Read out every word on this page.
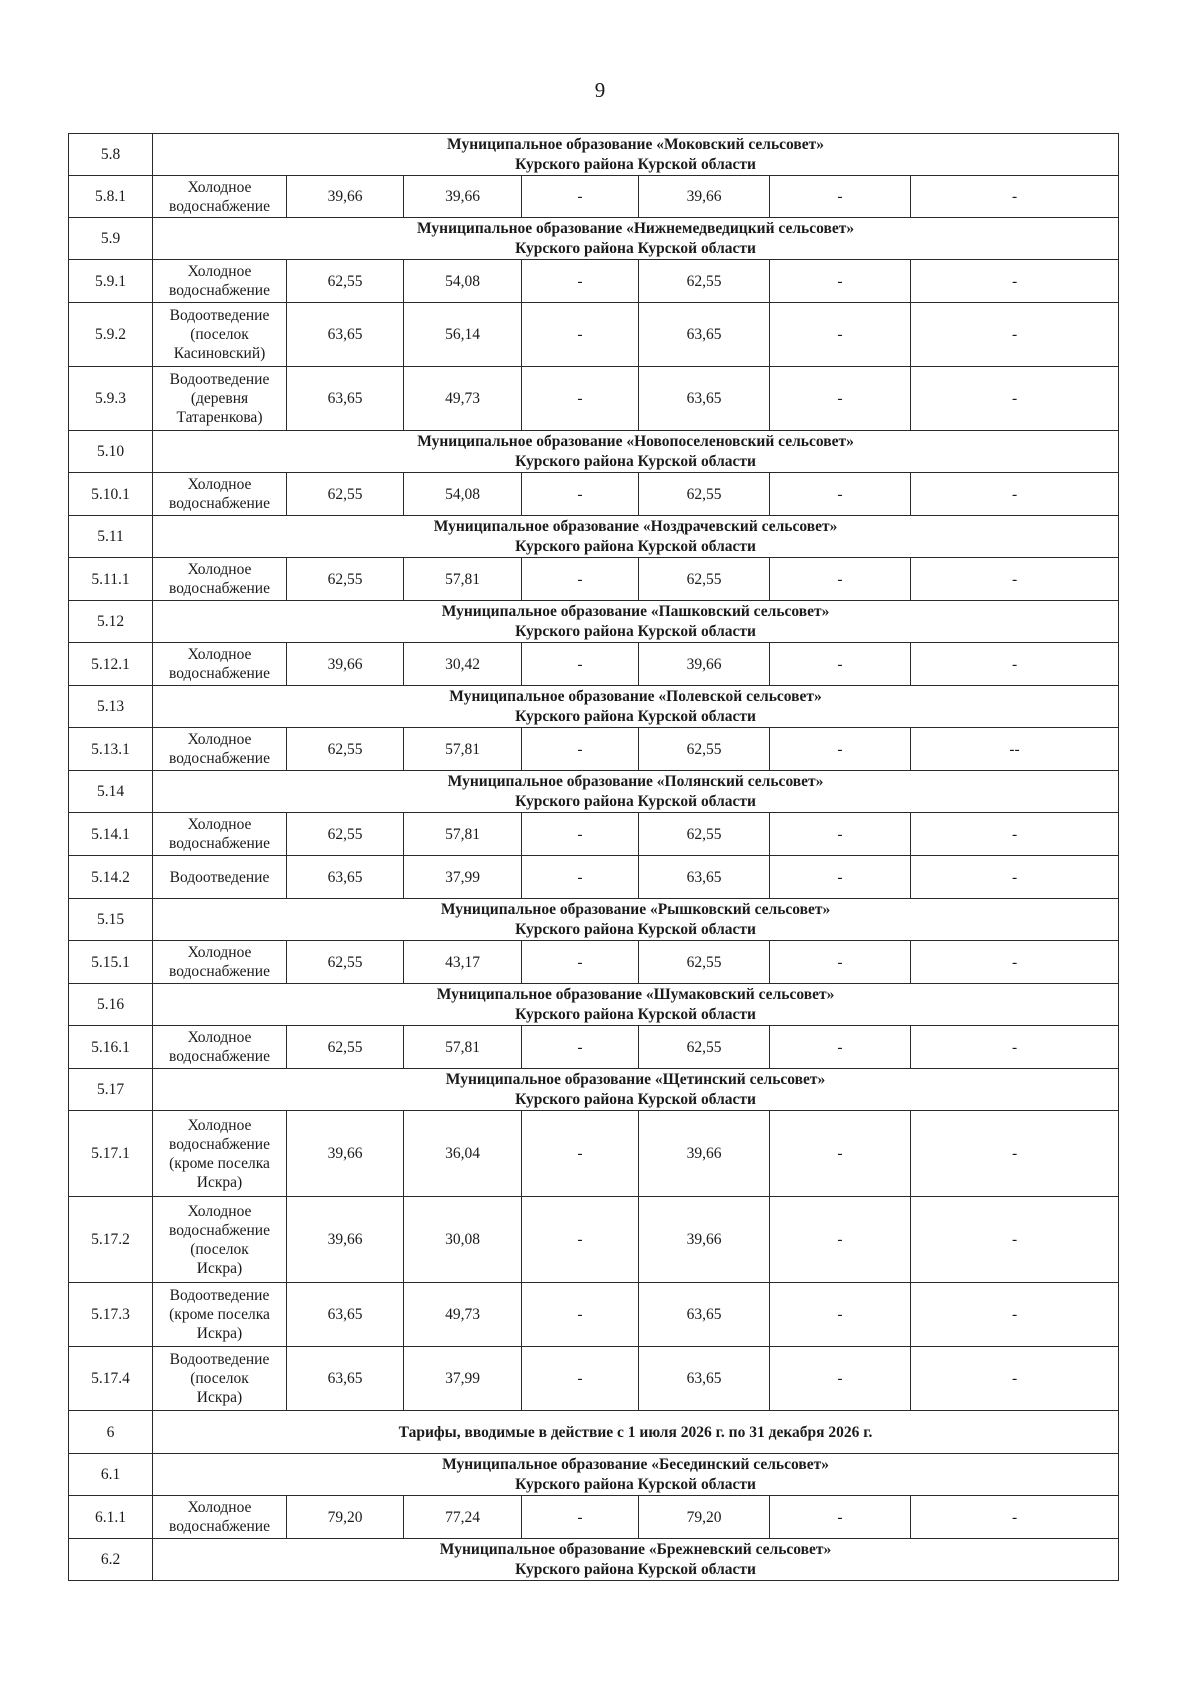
9
5.8	Муниципальное образование «Моковский сельсовет»
Курского района Курской области						

5.8.1	Холодное
водоснабжение	39,66	39,66	-	39,66	-	-
5.9	Муниципальное образование «Нижнемедведицкий сельсовет»
Курского района Курской области						

5.9.1	Холодное
водоснабжение	62,55	54,08	-	62,55	-	-
5.9.2	Водоотведение
(поселок
Касиновский)	63,65	56,14	-	63,65	-	-
5.9.3	Водоотведение
(деревня
Татаренкова)	63,65	49,73	-	63,65	-	-
5.10	Муниципальное образование «Новопоселеновский сельсовет»
Курского района Курской области						

5.10.1	Холодное
водоснабжение	62,55	54,08	-	62,55	-	-
5.11	Муниципальное образование «Ноздрачевский сельсовет»
Курского района Курской области						

5.11.1	Холодное
водоснабжение	62,55	57,81	-	62,55	-	-
5.12	Муниципальное образование «Пашковский сельсовет»
Курского района Курской области						

5.12.1	Холодное
водоснабжение	39,66	30,42	-	39,66	-	-
5.13	Муниципальное образование «Полевской сельсовет»
Курского района Курской области						

5.13.1	Холодное
водоснабжение	62,55	57,81	-	62,55	-	--
5.14	Муниципальное образование «Полянский сельсовет»
Курского района Курской области						

5.14.1	Холодное
водоснабжение	62,55	57,81	-	62,55	-	-
5.14.2	Водоотведение	63,65	37,99	-	63,65	-	-
5.15	Муниципальное образование «Рышковский сельсовет»
Курского района Курской области						

5.15.1	Холодное
водоснабжение	62,55	43,17	-	62,55	-	-
5.16	Муниципальное образование «Шумаковский сельсовет»
Курского района Курской области						

5.16.1	Холодное
водоснабжение	62,55	57,81	-	62,55	-	-
5.17	Муниципальное образование «Щетинский сельсовет»
Курского района Курской области						

5.17.1	Холодное
водоснабжение
(кроме поселка
Искра)	39,66	36,04	-	39,66	-	-
5.17.2	Холодное
водоснабжение
(поселок
Искра)	39,66	30,08	-	39,66	-	-
5.17.3	Водоотведение
(кроме поселка
Искра)	63,65	49,73	-	63,65	-	-
5.17.4	Водоотведение
(поселок
Искра)	63,65	37,99	-	63,65	-	-
6	Тарифы, вводимые в действие с 1 июля 2026 г. по 31 декабря 2026 г.						
6.1	Муниципальное образование «Бесединский сельсовет»
Курского района Курской области						

6.1.1	Холодное
водоснабжение	79,20	77,24	-	79,20	-	-
6.2	Муниципальное образование «Брежневский сельсовет»
Курского района Курской области						
